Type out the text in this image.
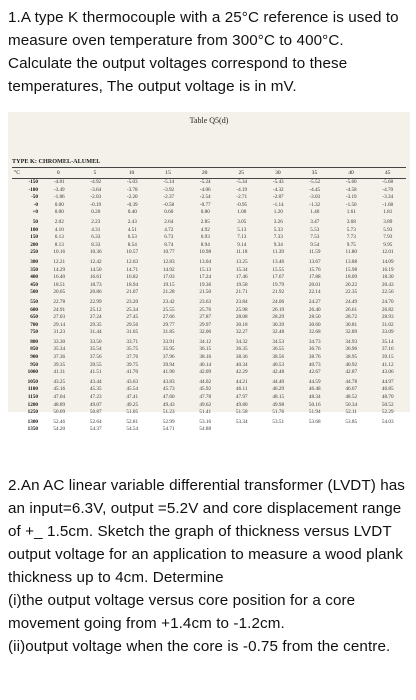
1.A type K thermocouple with a 25°C reference is used to measure oven temperature from 300°C to 400°C. Calculate the output voltages correspond to these temperatures, The output voltage is in mV.

Table Q5(d)
TYPE K: CHROMEL-ALUMEL
°C	0	5	10	15	20	25	30	35	40	45
-150	-4.81	-4.92	-5.03	-5.14	-5.24	-5.34	-5.43	-5.52	-5.60	-5.68
-100	-3.49	-3.64	-3.78	-3.92	-4.06	-4.19	-4.32	-4.45	-4.58	-4.70
-50	-1.86	-2.03	-2.20	-2.37	-2.54	-2.71	-2.87	-3.03	-3.19	-3.34
-0	0.00	-0.19	-0.39	-0.58	-0.77	-0.95	-1.14	-1.32	-1.50	-1.68
+0	0.00	0.20	0.40	0.60	0.80	1.00	1.20	1.40	1.61	1.81
50	2.02	2.23	2.43	2.64	2.85	3.05	3.26	3.47	3.68	3.89
100	4.10	4.31	4.51	4.72	4.92	5.13	5.33	5.53	5.73	5.93
150	6.13	6.33	6.53	6.73	6.93	7.13	7.33	7.53	7.73	7.93
200	8.13	8.33	8.54	8.74	8.94	9.14	9.34	9.54	9.75	9.95
250	10.16	10.36	10.57	10.77	10.98	11.18	11.39	11.59	11.80	12.01
300	12.21	12.42	12.63	12.83	13.04	13.25	13.46	13.67	13.88	14.09
350	14.29	14.50	14.71	14.92	15.13	15.34	15.55	15.76	15.98	16.19
400	16.40	16.61	16.82	17.03	17.24	17.46	17.67	17.88	18.09	18.30
450	18.51	18.73	18.94	19.15	19.36	19.58	19.79	20.01	20.22	20.43
500	20.65	20.86	21.07	21.28	21.50	21.71	21.92	22.14	22.35	22.56
550	22.78	22.99	23.20	23.42	23.63	23.84	24.06	24.27	24.49	24.70
600	24.91	25.12	25.34	25.55	25.76	25.98	26.19	26.40	26.61	26.82
650	27.03	27.24	27.45	27.66	27.87	28.08	28.29	28.50	28.72	28.93
700	29.14	29.35	29.56	29.77	29.97	30.18	30.39	30.60	30.81	31.02
750	31.23	31.44	31.65	31.85	32.06	32.27	32.48	32.68	32.89	33.09
800	33.30	33.50	33.71	33.91	34.12	34.32	34.53	34.73	34.93	35.14
850	35.34	35.54	35.75	35.95	36.15	36.35	36.55	36.76	36.96	37.16
900	37.36	37.56	37.76	37.96	38.16	38.36	38.56	38.76	38.95	39.15
950	39.35	39.55	39.75	39.94	40.14	40.34	40.53	40.73	40.92	41.12
1000	41.31	41.51	41.70	41.90	42.09	42.29	42.48	42.67	42.87	43.06
1050	43.25	43.44	43.63	43.83	44.02	44.21	44.40	44.59	44.78	44.97
1100	45.16	45.35	45.54	45.73	45.92	46.11	46.29	46.48	46.67	46.85
1150	47.04	47.23	47.41	47.60	47.78	47.97	48.15	48.34	48.52	48.70
1200	48.89	49.07	49.25	49.43	49.62	49.80	49.98	50.16	50.34	50.52
1250	50.69	50.87	51.05	51.23	51.41	51.58	51.76	51.94	52.11	52.29
1300	52.46	52.64	52.81	52.99	53.16	53.34	53.51	53.68	53.85	54.03
1350	54.20	54.37	54.54	54.71	54.88

2.An AC linear variable differential transformer (LVDT) has an input=6.3V, output =5.2V and core displacement range of +_ 1.5cm. Sketch the graph of thickness versus LVDT output voltage for an application to measure a wood plank thickness up to 4cm. Determine

(i)the output voltage versus core position for a core movement going from +1.4cm to -1.2cm.

(ii)output voltage when the core is -0.75 from the centre.
